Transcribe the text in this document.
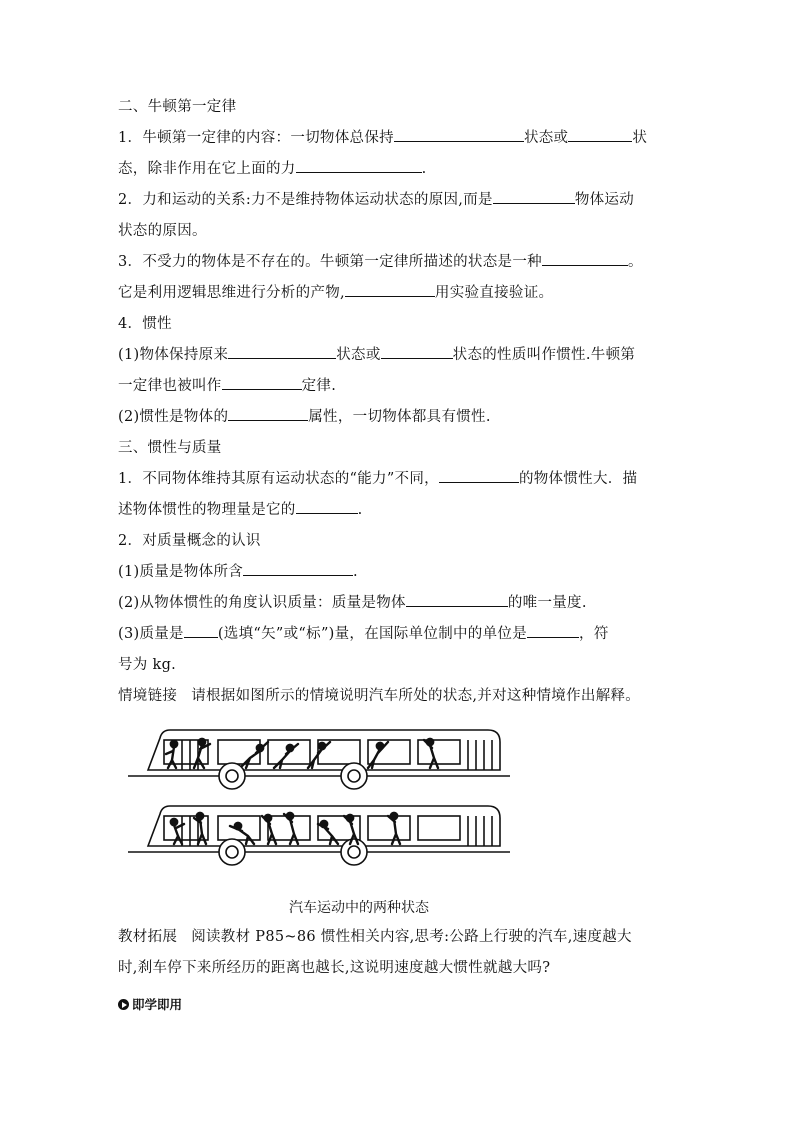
二、牛顿第一定律
1．牛顿第一定律的内容：一切物体总保持	状态或	状
态，除非作用在它上面的力	.
2．力和运动的关系:力不是维持物体运动状态的原因,而是	物体运动
状态的原因。
3．不受力的物体是不存在的。牛顿第一定律所描述的状态是一种	。
它是利用逻辑思维进行分析的产物,	用实验直接验证。
4．惯性
(1)物体保持原来	状态或	状态的性质叫作惯性.牛顿第
一定律也被叫作	定律.
(2)惯性是物体的	属性，一切物体都具有惯性.
三、惯性与质量
1．不同物体维持其原有运动状态的“能力”不同，	的物体惯性大．描
述物体惯性的物理量是它的	.
2．对质量概念的认识
(1)质量是物体所含	.
(2)从物体惯性的角度认识质量：质量是物体	的唯一量度.
(3)质量是 (选填“矢”或“标”)量，在国际单位制中的单位是	，符
号为 kg.
情境链接 请根据如图所示的情境说明汽车所处的状态,并对这种情境作出解释。
汽车运动中的两种状态
教材拓展 阅读教材 P85~86 惯性相关内容,思考:公路上行驶的汽车,速度越大
时,刹车停下来所经历的距离也越长,这说明速度越大惯性就越大吗?
即学即用
